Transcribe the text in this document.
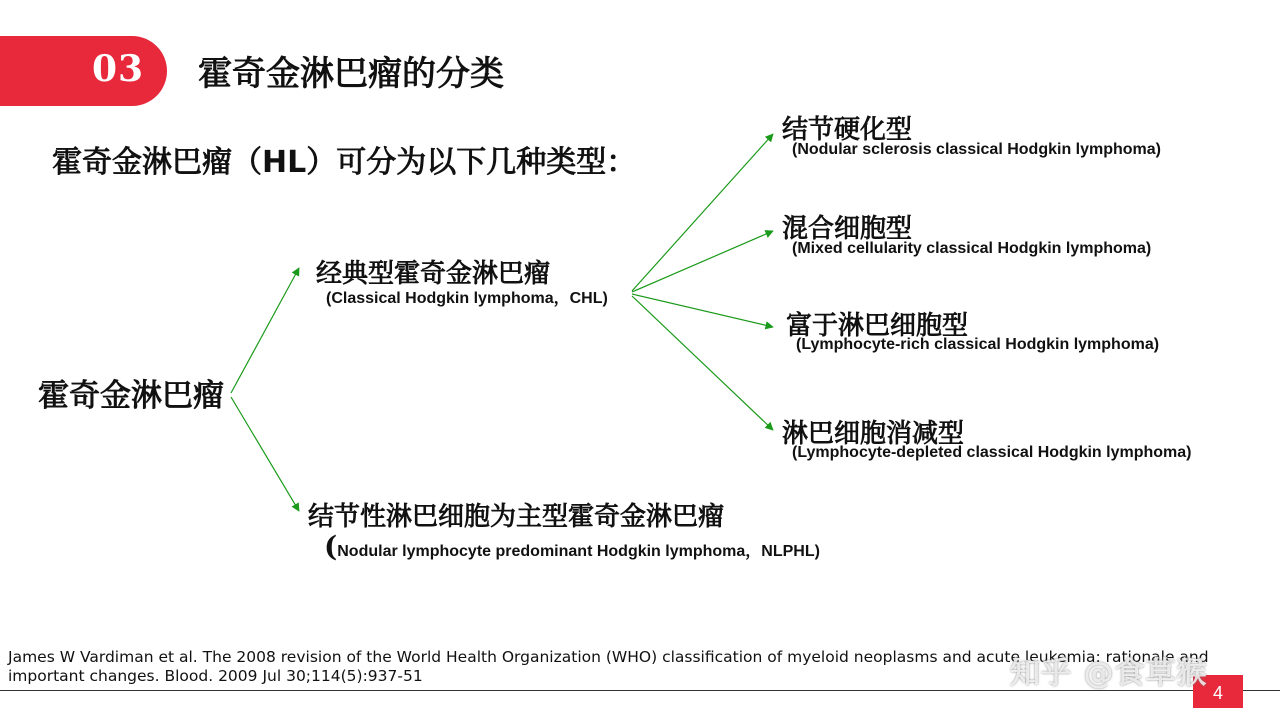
03 霍奇金淋巴瘤的分类
霍奇金淋巴瘤（HL）可分为以下几种类型：
霍奇金淋巴瘤
经典型霍奇金淋巴瘤
(Classical Hodgkin lymphoma，CHL)
结节性淋巴细胞为主型霍奇金淋巴瘤
(Nodular lymphocyte predominant Hodgkin lymphoma，NLPHL)
结节硬化型
(Nodular sclerosis classical Hodgkin lymphoma)
混合细胞型
(Mixed cellularity classical Hodgkin lymphoma)
富于淋巴细胞型
(Lymphocyte-rich classical Hodgkin lymphoma)
淋巴细胞消减型
(Lymphocyte-depleted classical Hodgkin lymphoma)
James W Vardiman et al. The 2008 revision of the World Health Organization (WHO) classification of myeloid neoplasms and acute leukemia: rationale and important changes. Blood. 2009 Jul 30;114(5):937-51
4
知乎 @食草猴
